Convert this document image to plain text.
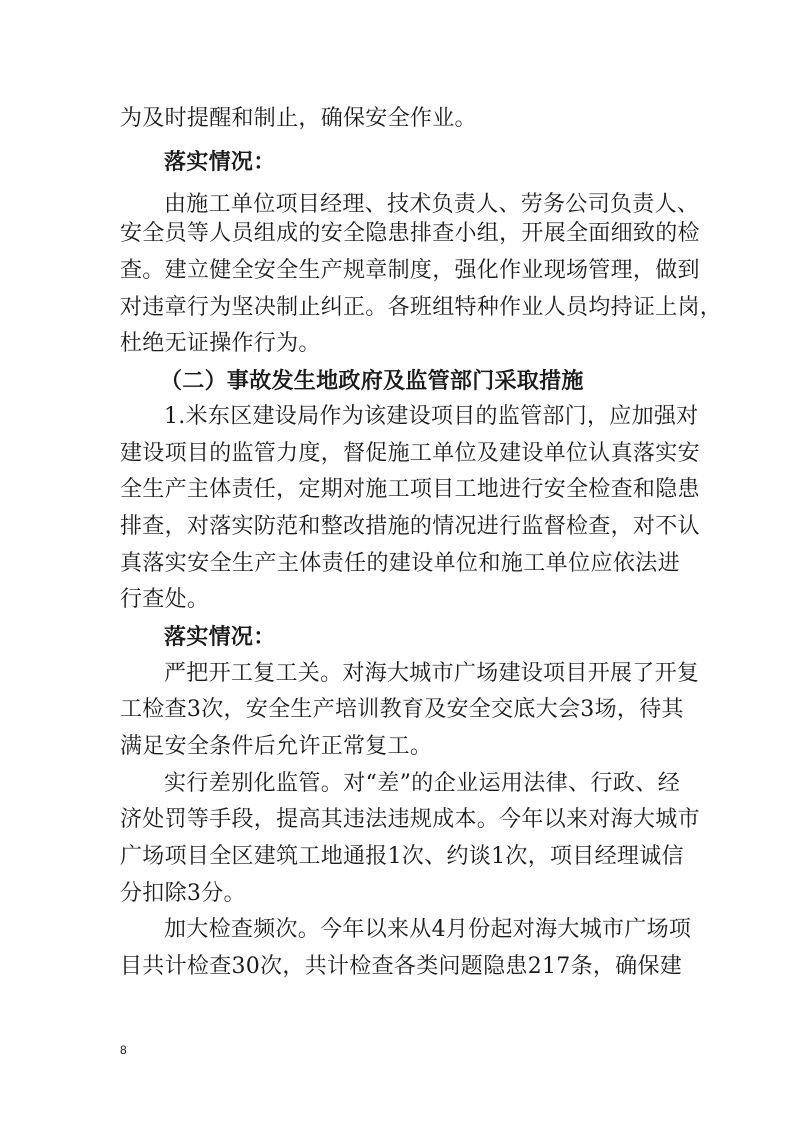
为及时提醒和制止，确保安全作业。
落实情况：
由施工单位项目经理、技术负责人、劳务公司负责人、
安全员等人员组成的安全隐患排查小组，开展全面细致的检
查。建立健全安全生产规章制度，强化作业现场管理，做到
对违章行为坚决制止纠正。各班组特种作业人员均持证上岗，
杜绝无证操作行为。
（二）事故发生地政府及监管部门采取措施
1.米东区建设局作为该建设项目的监管部门，应加强对
建设项目的监管力度，督促施工单位及建设单位认真落实安
全生产主体责任，定期对施工项目工地进行安全检查和隐患
排查，对落实防范和整改措施的情况进行监督检查，对不认
真落实安全生产主体责任的建设单位和施工单位应依法进
行查处。
落实情况：
严把开工复工关。对海大城市广场建设项目开展了开复
工检查3次，安全生产培训教育及安全交底大会3场，待其
满足安全条件后允许正常复工。
实行差别化监管。对“差”的企业运用法律、行政、经
济处罚等手段，提高其违法违规成本。今年以来对海大城市
广场项目全区建筑工地通报1次、约谈1次，项目经理诚信
分扣除3分。
加大检查频次。今年以来从4月份起对海大城市广场项
目共计检查30次，共计检查各类问题隐患217条，确保建
8
